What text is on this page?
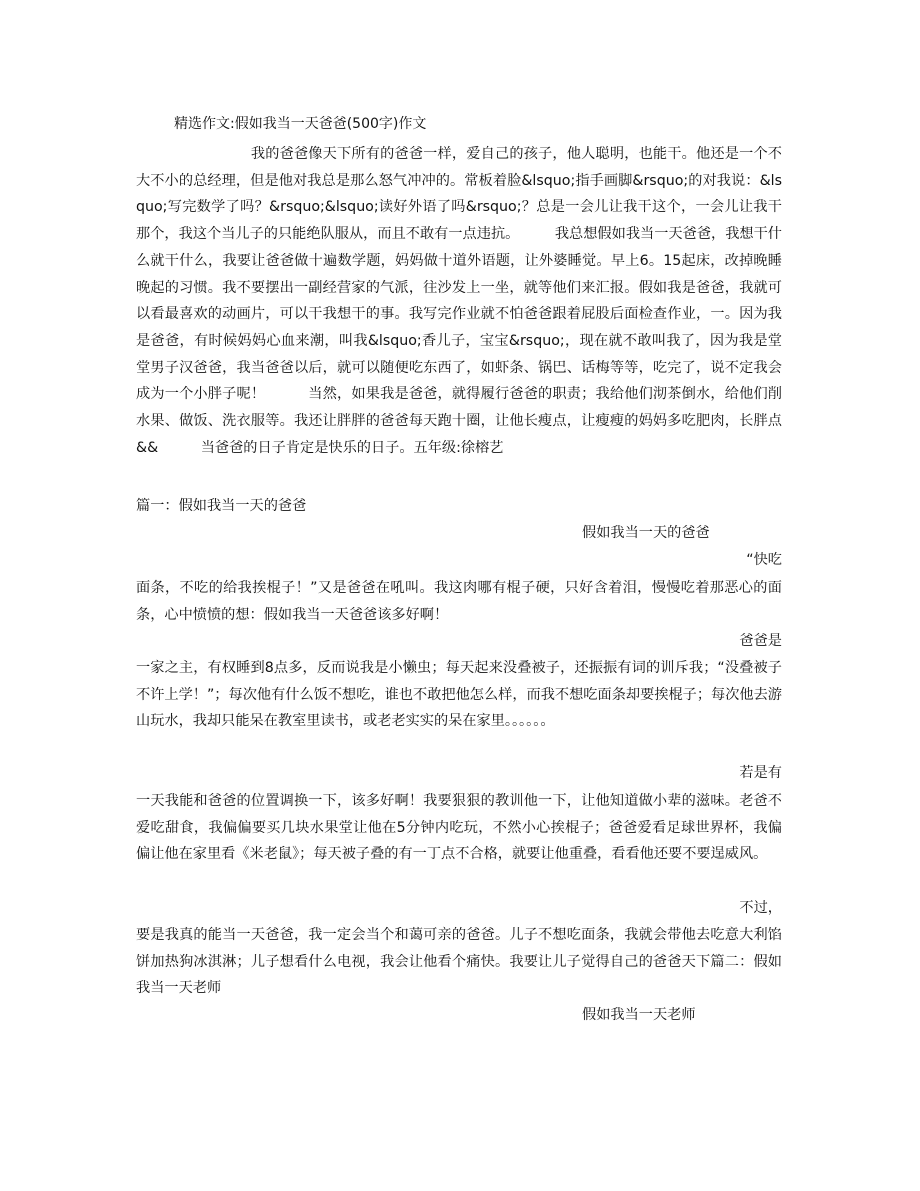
精选作文:假如我当一天爸爸(500字)作文

　　　　　　　　我的爸爸像天下所有的爸爸一样，爱自己的孩子，他人聪明，也能干。他还是一个不大不小的总经理，但是他对我总是那么怒气冲冲的。常板着脸&lsquo;指手画脚&rsquo;的对我说：&lsquo;写完数学了吗？&rsquo;&lsquo;读好外语了吗&rsquo;？总是一会儿让我干这个，一会儿让我干那个，我这个当儿子的只能绝队服从，而且不敢有一点违抗。　　　我总想假如我当一天爸爸，我想干什么就干什么，我要让爸爸做十遍数学题，妈妈做十道外语题，让外婆睡觉。早上6。15起床，改掉晚睡晚起的习惯。我不要摆出一副经营家的气派，往沙发上一坐，就等他们来汇报。假如我是爸爸，我就可以看最喜欢的动画片，可以干我想干的事。我写完作业就不怕爸爸跟着屁股后面检查作业，一。因为我是爸爸，有时候妈妈心血来潮，叫我&lsquo;香儿子，宝宝&rsquo;，现在就不敢叫我了，因为我是堂堂男子汉爸爸，我当爸爸以后，就可以随便吃东西了，如虾条、锅巴、话梅等等，吃完了，说不定我会成为一个小胖子呢！　　　当然，如果我是爸爸，就得履行爸爸的职责；我给他们沏茶倒水，给他们削水果、做饭、洗衣服等。我还让胖胖的爸爸每天跑十圈，让他长瘦点，让瘦瘦的妈妈多吃肥肉，长胖点&&　　　当爸爸的日子肯定是快乐的日子。五年级:徐榕艺

篇一：假如我当一天的爸爸
假如我当一天的爸爸
“快吃

面条，不吃的给我挨棍子！”又是爸爸在吼叫。我这肉哪有棍子硬，只好含着泪，慢慢吃着那恶心的面条，心中愤愤的想：假如我当一天爸爸该多好啊！

爸爸是

一家之主，有权睡到8点多，反而说我是小懒虫；每天起来没叠被子，还振振有词的训斥我；“没叠被子不许上学！”；每次他有什么饭不想吃，谁也不敢把他怎么样，而我不想吃面条却要挨棍子；每次他去游山玩水，我却只能呆在教室里读书，或老老实实的呆在家里。。。。。。

若是有

一天我能和爸爸的位置调换一下，该多好啊！我要狠狠的教训他一下，让他知道做小辈的滋味。老爸不爱吃甜食，我偏偏要买几块水果堂让他在5分钟内吃玩，不然小心挨棍子；爸爸爱看足球世界杯，我偏偏让他在家里看《米老鼠》；每天被子叠的有一丁点不合格，就要让他重叠，看看他还要不要逞威风。

不过，

要是我真的能当一天爸爸，我一定会当个和蔼可亲的爸爸。儿子不想吃面条，我就会带他去吃意大利馅饼加热狗冰淇淋；儿子想看什么电视，我会让他看个痛快。我要让儿子觉得自己的爸爸天下篇二：假如我当一天老师

假如我当一天老师
